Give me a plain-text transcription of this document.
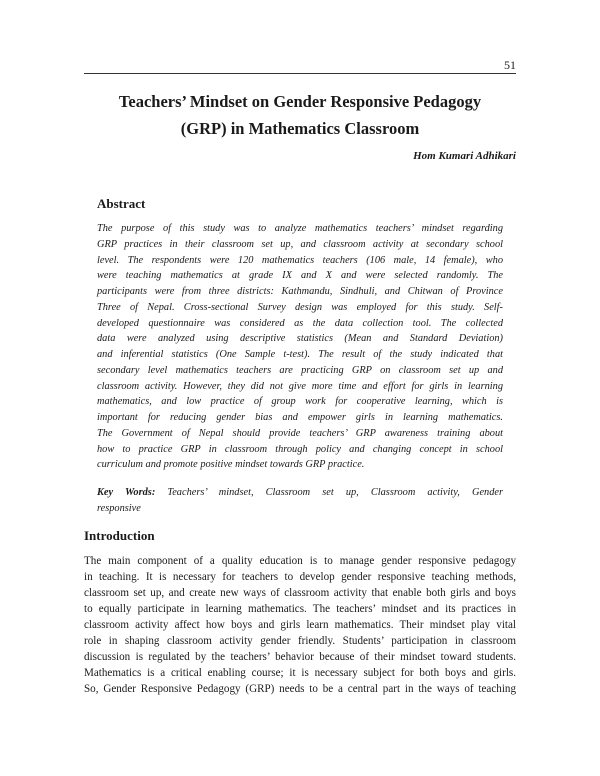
51
Teachers’ Mindset on Gender Responsive Pedagogy
(GRP) in Mathematics Classroom
Hom Kumari Adhikari
Abstract
The purpose of this study was to analyze mathematics teachers’ mindset regarding
GRP practices in their classroom set up, and classroom activity at secondary school
level. The respondents were 120 mathematics teachers (106 male, 14 female), who
were teaching mathematics at grade IX and X and were selected randomly. The
participants were from three districts: Kathmandu, Sindhuli, and Chitwan of Province
Three of Nepal. Cross-sectional Survey design was employed for this study. Self-
developed questionnaire was considered as the data collection tool. The collected
data were analyzed using descriptive statistics (Mean and Standard Deviation)
and inferential statistics (One Sample t-test). The result of the study indicated that
secondary level mathematics teachers are practicing GRP on classroom set up and
classroom activity. However, they did not give more time and effort for girls in learning
mathematics, and low practice of group work for cooperative learning, which is
important for reducing gender bias and empower girls in learning mathematics.
The Government of Nepal should provide teachers’ GRP awareness training about
how to practice GRP in classroom through policy and changing concept in school
curriculum and promote positive mindset towards GRP practice.

Key Words: Teachers’ mindset, Classroom set up, Classroom activity, Gender
responsive

Introduction
The main component of a quality education is to manage gender responsive pedagogy
in teaching. It is necessary for teachers to develop gender responsive teaching methods,
classroom set up, and create new ways of classroom activity that enable both girls and boys
to equally participate in learning mathematics. The teachers’ mindset and its practices in
classroom activity affect how boys and girls learn mathematics. Their mindset play vital
role in shaping classroom activity gender friendly. Students’ participation in classroom
discussion is regulated by the teachers’ behavior because of their mindset toward students.
Mathematics is a critical enabling course; it is necessary subject for both boys and girls.
So, Gender Responsive Pedagogy (GRP) needs to be a central part in the ways of teaching
